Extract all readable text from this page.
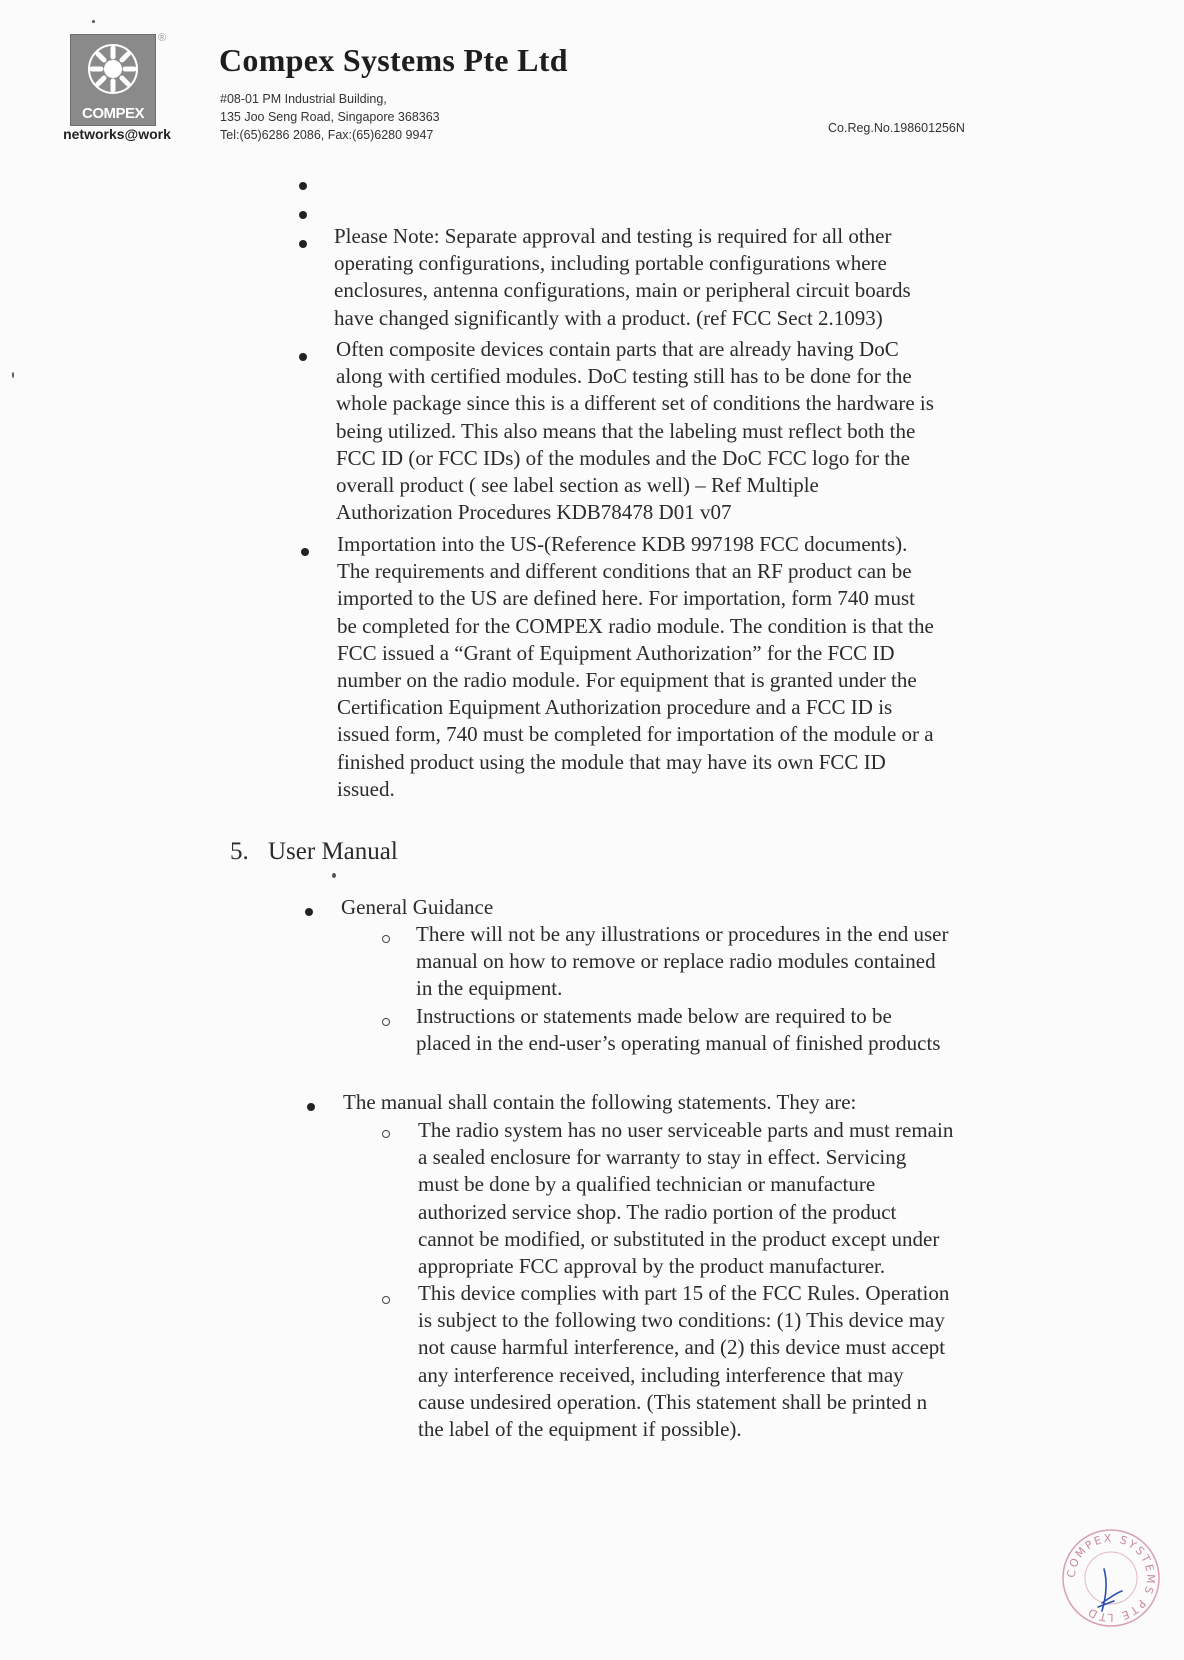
COMPEX
®
networks@work
Compex Systems Pte Ltd
#08-01 PM Industrial Building,
135 Joo Seng Road, Singapore 368363
Tel:(65)6286 2086, Fax:(65)6280 9947	Co.Reg.No.198601256N
Please Note: Separate approval and testing is required for all other
operating configurations, including portable configurations where
enclosures, antenna configurations, main or peripheral circuit boards
have changed significantly with a product. (ref FCC Sect 2.1093)
Often composite devices contain parts that are already having DoC
along with certified modules. DoC testing still has to be done for the
whole package since this is a different set of conditions the hardware is
being utilized. This also means that the labeling must reflect both the
FCC ID (or FCC IDs) of the modules and the DoC FCC logo for the
overall product ( see label section as well) – Ref Multiple
Authorization Procedures KDB78478 D01 v07
Importation into the US-(Reference KDB 997198 FCC documents).
The requirements and different conditions that an RF product can be
imported to the US are defined here. For importation, form 740 must
be completed for the COMPEX radio module. The condition is that the
FCC issued a “Grant of Equipment Authorization” for the FCC ID
number on the radio module. For equipment that is granted under the
Certification Equipment Authorization procedure and a FCC ID is
issued form, 740 must be completed for importation of the module or a
finished product using the module that may have its own FCC ID
issued.
5. User Manual
General Guidance
There will not be any illustrations or procedures in the end user
manual on how to remove or replace radio modules contained
in the equipment.
Instructions or statements made below are required to be
placed in the end-user’s operating manual of finished products
The manual shall contain the following statements. They are:
The radio system has no user serviceable parts and must remain
a sealed enclosure for warranty to stay in effect. Servicing
must be done by a qualified technician or manufacture
authorized service shop. The radio portion of the product
cannot be modified, or substituted in the product except under
appropriate FCC approval by the product manufacturer.
This device complies with part 15 of the FCC Rules. Operation
is subject to the following two conditions: (1) This device may
not cause harmful interference, and (2) this device must accept
any interference received, including interference that may
cause undesired operation. (This statement shall be printed n
the label of the equipment if possible).
COMPEX SYSTEMS PTE LTD
